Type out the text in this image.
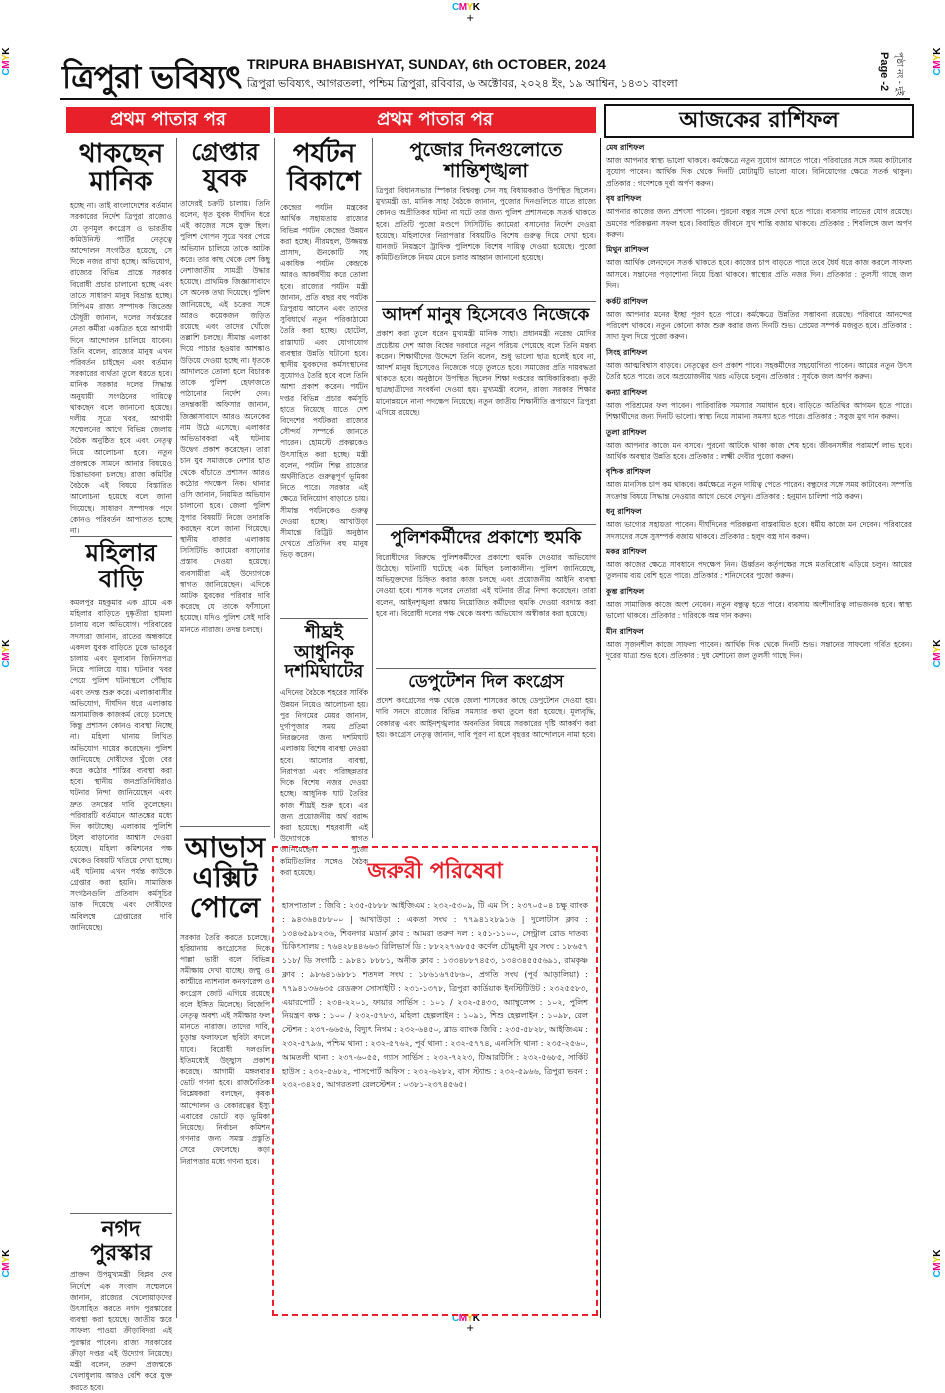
CMYK
+
CMYK
+
CMYK
CMYK
CMYK
CMYK
CMYK
CMYK
ত্রিপুরা ভবিষ্যৎ TRIPURA BHABISHYAT, SUNDAY, 6th OCTOBER, 2024
ত্রিপুরা ভবিষ্যৎ, আগরতলা, পশ্চিম ত্রিপুরা, রবিবার, ৬ অক্টোবর, ২০২৪ ইং, ১৯ আশ্বিন, ১৪৩১ বাংলা	Page -2 পৃষ্ঠা নং - দুই
প্রথম পাতার পর	প্রথম পাতার পর	আজকের রাশিফল
থাকছেন মানিক
হচ্ছে না। তাই বাংলাদেশের বর্তমান সরকারের নির্দেশ ত্রিপুরা রাজ্যেও যে তৃণমূল কংগ্রেস ও ভারতীয় কমিউনিস্ট পার্টির নেতৃত্বে আন্দোলন সংগঠিত হয়েছে, সে দিকে নজর রাখা হচ্ছে। অভিযোগ, রাজ্যের বিভিন্ন প্রান্তে সরকার বিরোধী প্রচার চালানো হচ্ছে এবং তাতে সাধারণ মানুষ বিভ্রান্ত হচ্ছে। সিপিএম রাজ্য সম্পাদক জিতেন্দ্র চৌধুরী জানান, দলের সর্বস্তরের নেতা কর্মীরা একত্রিত হয়ে আগামী দিনে আন্দোলন চালিয়ে যাবেন। তিনি বলেন, রাজ্যের মানুষ এখন পরিবর্তন চাইছেন এবং বর্তমান সরকারের ব্যর্থতা তুলে ধরতে হবে। মানিক সরকার দলের সিদ্ধান্ত অনুযায়ী সংগঠনের দায়িত্বে থাকছেন বলে জানানো হয়েছে। দলীয় সূত্রে খবর, আগামী সম্মেলনের আগে বিভিন্ন জেলায় বৈঠক অনুষ্ঠিত হবে এবং নেতৃত্ব নিয়ে আলোচনা হবে। নতুন প্রজন্মকে সামনে আনার বিষয়েও চিন্তাভাবনা চলছে। রাজ্য কমিটির বৈঠকে এই বিষয়ে বিস্তারিত আলোচনা হয়েছে বলে জানা গিয়েছে। সাধারণ সম্পাদক পদে কোনও পরিবর্তন আপাতত হচ্ছে না।
মহিলার বাড়ি
কমলপুর মহকুমার এক গ্রামে এক মহিলার বাড়িতে দুষ্কৃতীরা হামলা চালায় বলে অভিযোগ। পরিবারের সদস্যরা জানান, রাতের অন্ধকারে একদল যুবক বাড়িতে ঢুকে ভাঙচুর চালায় এবং মূল্যবান জিনিসপত্র নিয়ে পালিয়ে যায়। ঘটনার খবর পেয়ে পুলিশ ঘটনাস্থলে পৌঁছায় এবং তদন্ত শুরু করে। এলাকাবাসীর অভিযোগ, দীর্ঘদিন ধরে এলাকায় অসামাজিক কাজকর্ম বেড়ে চলেছে কিন্তু প্রশাসন কোনও ব্যবস্থা নিচ্ছে না। মহিলা থানায় লিখিত অভিযোগ দায়ের করেছেন। পুলিশ জানিয়েছে দোষীদের খুঁজে বের করে কঠোর শাস্তির ব্যবস্থা করা হবে। স্থানীয় জনপ্রতিনিধিরাও ঘটনার নিন্দা জানিয়েছেন এবং দ্রুত তদন্তের দাবি তুলেছেন। পরিবারটি বর্তমানে আতঙ্কের মধ্যে দিন কাটাচ্ছে। এলাকায় পুলিশি টহল বাড়ানোর আশ্বাস দেওয়া হয়েছে। মহিলা কমিশনের পক্ষ থেকেও বিষয়টি খতিয়ে দেখা হচ্ছে। এই ঘটনায় এখন পর্যন্ত কাউকে গ্রেপ্তার করা হয়নি। সামাজিক সংগঠনগুলি প্রতিবাদ কর্মসূচির ডাক দিয়েছে এবং দোষীদের অবিলম্বে গ্রেপ্তারের দাবি জানিয়েছে।
নগদ পুরস্কার
প্রাক্তন উপমুখ্যমন্ত্রী বিপ্লব দেব নির্দেশে এক সংবাদ সম্মেলনে জানান, রাজ্যের খেলোয়াড়দের উৎসাহিত করতে নগদ পুরস্কারের ব্যবস্থা করা হয়েছে। জাতীয় স্তরে সাফল্য পাওয়া ক্রীড়াবিদরা এই পুরস্কার পাবেন। রাজ্য সরকারের ক্রীড়া দপ্তর এই উদ্যোগ নিয়েছে। মন্ত্রী বলেন, তরুণ প্রজন্মকে খেলাধুলায় আরও বেশি করে যুক্ত করতে হবে।
গ্রেপ্তার যুবক
তাদেরই চক্রটি চালায়। তিনি বলেন, ধৃত যুবক দীর্ঘদিন ধরে এই কাজের সঙ্গে যুক্ত ছিল। পুলিশ গোপন সূত্রে খবর পেয়ে অভিযান চালিয়ে তাকে আটক করে। তার কাছ থেকে বেশ কিছু নেশাজাতীয় সামগ্রী উদ্ধার হয়েছে। প্রাথমিক জিজ্ঞাসাবাদে সে অনেক তথ্য দিয়েছে। পুলিশ জানিয়েছে, এই চক্রের সঙ্গে আরও কয়েকজন জড়িত রয়েছে এবং তাদের খোঁজে তল্লাশি চলছে। সীমান্ত এলাকা দিয়ে পাচার হওয়ার আশঙ্কাও উড়িয়ে দেওয়া হচ্ছে না। ধৃতকে আদালতে তোলা হলে বিচারক তাকে পুলিশ হেফাজতে পাঠানোর নির্দেশ দেন। তদন্তকারী অফিসার জানান, জিজ্ঞাসাবাদে আরও অনেকের নাম উঠে এসেছে। এলাকার অভিভাবকরা এই ঘটনায় উদ্বেগ প্রকাশ করেছেন। তারা চান যুব সমাজকে নেশার হাত থেকে বাঁচাতে প্রশাসন আরও কঠোর পদক্ষেপ নিক। থানার ওসি জানান, নিয়মিত অভিযান চালানো হবে। জেলা পুলিশ সুপার বিষয়টি নিজে তদারকি করছেন বলে জানা গিয়েছে। স্থানীয় বাজার এলাকায় সিসিটিভি ক্যামেরা বসানোর প্রস্তাব দেওয়া হয়েছে। ব্যবসায়ীরা এই উদ্যোগকে স্বাগত জানিয়েছেন। এদিকে আটক যুবকের পরিবার দাবি করেছে যে তাকে ফাঁসানো হয়েছে। যদিও পুলিশ সেই দাবি মানতে নারাজ। তদন্ত চলছে।
আভাস এক্সিট পোলে
সরকার তৈরি করতে চলেছে। হরিয়ানায় কংগ্রেসের দিকে পাল্লা ভারী বলে বিভিন্ন সমীক্ষায় দেখা যাচ্ছে। জম্মু ও কাশ্মীরে ন্যাশনাল কনফারেন্স ও কংগ্রেস জোট এগিয়ে রয়েছে বলে ইঙ্গিত মিলেছে। বিজেপি নেতৃত্ব অবশ্য এই সমীক্ষার ফল মানতে নারাজ। তাদের দাবি, চূড়ান্ত ফলাফলে ছবিটা বদলে যাবে। বিরোধী দলগুলি ইতিমধ্যেই উচ্ছ্বাস প্রকাশ করেছে। আগামী মঙ্গলবার ভোট গণনা হবে। রাজনৈতিক বিশ্লেষকরা বলছেন, কৃষক আন্দোলন ও বেকারত্বের ইস্যু এবারের ভোটে বড় ভূমিকা নিয়েছে। নির্বাচন কমিশন গণনার জন্য সমস্ত প্রস্তুতি সেরে ফেলেছে। কড়া নিরাপত্তার মধ্যে গণনা হবে।
পর্যটন বিকাশে
কেন্দ্রের পর্যটন মন্ত্রকের আর্থিক সহায়তায় রাজ্যের বিভিন্ন পর্যটন কেন্দ্রের উন্নয়ন করা হচ্ছে। নীরমহল, উজ্জয়ন্ত প্রাসাদ, ঊনকোটি সহ একাধিক পর্যটন কেন্দ্রকে আরও আকর্ষণীয় করে তোলা হবে। রাজ্যের পর্যটন মন্ত্রী জানান, প্রতি বছর বহু পর্যটক ত্রিপুরায় আসেন এবং তাদের সুবিধার্থে নতুন পরিকাঠামো তৈরি করা হচ্ছে। হোটেল, রাস্তাঘাট এবং যোগাযোগ ব্যবস্থার উন্নতি ঘটানো হবে। স্থানীয় যুবকদের কর্মসংস্থানের সুযোগও তৈরি হবে বলে তিনি আশা প্রকাশ করেন। পর্যটন দপ্তর বিভিন্ন প্রচার কর্মসূচি হাতে নিয়েছে যাতে দেশ বিদেশের পর্যটকরা রাজ্যের সৌন্দর্য সম্পর্কে জানতে পারেন। হোমস্টে প্রকল্পকেও উৎসাহিত করা হচ্ছে। মন্ত্রী বলেন, পর্যটন শিল্প রাজ্যের অর্থনীতিতে গুরুত্বপূর্ণ ভূমিকা নিতে পারে। সরকার এই ক্ষেত্রে বিনিয়োগ বাড়াতে চায়। সীমান্ত পর্যটনকেও গুরুত্ব দেওয়া হচ্ছে। আখাউড়া সীমান্তে রিট্রিট অনুষ্ঠান দেখতে প্রতিদিন বহু মানুষ ভিড় করেন।
শীঘ্রই আধুনিক দশমিঘাটের
এদিনের বৈঠকে শহরের সার্বিক উন্নয়ন নিয়েও আলোচনা হয়। পুর নিগমের মেয়র জানান, দুর্গাপূজার সময় প্রতিমা নিরঞ্জনের জন্য দশমিঘাট এলাকায় বিশেষ ব্যবস্থা নেওয়া হবে। আলোর ব্যবস্থা, নিরাপত্তা এবং পরিচ্ছন্নতার দিকে বিশেষ নজর দেওয়া হচ্ছে। আধুনিক ঘাট তৈরির কাজ শীঘ্রই শুরু হবে। এর জন্য প্রয়োজনীয় অর্থ বরাদ্দ করা হয়েছে। শহরবাসী এই উদ্যোগকে স্বাগত জানিয়েছেন। পুজো কমিটিগুলির সঙ্গেও বৈঠক করা হয়েছে।
পুজোর দিনগুলোতে শান্তিশৃঙ্খলা
ত্রিপুরা বিধানসভার স্পিকার বিশ্ববন্ধু সেন সহ বিধায়করাও উপস্থিত ছিলেন। মুখ্যমন্ত্রী ডা. মানিক সাহা বৈঠকে জানান, পুজোর দিনগুলিতে যাতে রাজ্যে কোনও অপ্রীতিকর ঘটনা না ঘটে তার জন্য পুলিশ প্রশাসনকে সতর্ক থাকতে হবে। প্রতিটি পুজো মণ্ডপে সিসিটিভি ক্যামেরা বসানোর নির্দেশ দেওয়া হয়েছে। মহিলাদের নিরাপত্তার বিষয়টিও বিশেষ গুরুত্ব দিয়ে দেখা হবে। যানজট নিয়ন্ত্রণে ট্রাফিক পুলিশকে বিশেষ দায়িত্ব দেওয়া হয়েছে। পুজো কমিটিগুলিকে নিয়ম মেনে চলার আহ্বান জানানো হয়েছে।
আদর্শ মানুষ হিসেবেও নিজেকে
প্রকাশ করা তুলে ধরেন মুখ্যমন্ত্রী মানিক সাহা। প্রধানমন্ত্রী নরেন্দ্র মোদির প্রচেষ্টায় দেশ আজ বিশ্বের দরবারে নতুন পরিচয় পেয়েছে বলে তিনি মন্তব্য করেন। শিক্ষার্থীদের উদ্দেশে তিনি বলেন, শুধু ভালো ছাত্র হলেই হবে না, আদর্শ মানুষ হিসেবেও নিজেকে গড়ে তুলতে হবে। সমাজের প্রতি দায়বদ্ধতা থাকতে হবে। অনুষ্ঠানে উপস্থিত ছিলেন শিক্ষা দপ্তরের আধিকারিকরা। কৃতী ছাত্রছাত্রীদের সংবর্ধনা দেওয়া হয়। মুখ্যমন্ত্রী বলেন, রাজ্য সরকার শিক্ষার মানোন্নয়নে নানা পদক্ষেপ নিয়েছে। নতুন জাতীয় শিক্ষানীতি রূপায়ণে ত্রিপুরা এগিয়ে রয়েছে।
পুলিশকর্মীদের প্রকাশ্যে হুমকি
বিরোধীদের বিরুদ্ধে পুলিশকর্মীদের প্রকাশ্যে হুমকি দেওয়ার অভিযোগ উঠেছে। ঘটনাটি ঘটেছে এক মিছিল চলাকালীন। পুলিশ জানিয়েছে, অভিযুক্তদের চিহ্নিত করার কাজ চলছে এবং প্রয়োজনীয় আইনি ব্যবস্থা নেওয়া হবে। শাসক দলের নেতারা এই ঘটনার তীব্র নিন্দা করেছেন। তারা বলেন, আইনশৃঙ্খলা রক্ষায় নিয়োজিত কর্মীদের হুমকি দেওয়া বরদাস্ত করা হবে না। বিরোধী দলের পক্ষ থেকে অবশ্য অভিযোগ অস্বীকার করা হয়েছে।
ডেপুটেশন দিল কংগ্রেস
প্রদেশ কংগ্রেসের পক্ষ থেকে জেলা শাসকের কাছে ডেপুটেশন দেওয়া হয়। দাবি সনদে রাজ্যের বিভিন্ন সমস্যার কথা তুলে ধরা হয়েছে। মূল্যবৃদ্ধি, বেকারত্ব এবং আইনশৃঙ্খলার অবনতির বিষয়ে সরকারের দৃষ্টি আকর্ষণ করা হয়। কংগ্রেস নেতৃত্ব জানান, দাবি পূরণ না হলে বৃহত্তর আন্দোলনে নামা হবে।
জরুরী পরিষেবা
হাসপাতাল : জিবি : ২৩৫-৫৮৮৮ আইজিএম : ২৩২-৫৩০৯, টি এম সি : ২৩৭০৫০৪ চক্ষু ব্যাংক : ৯৪৩৬৪৫৮৮০০ | আখাউড়া : একতা সংঘ : ৭৭৯৪১২৮৯১৬ | দুলোটাস ক্লাব : ১৩৪৬৫৯৮২৩৬, শিবনগর মডার্ন ক্লাব : আমরা তরুণ দল : ২৫১-১১০০, সেন্ট্রাল রোড দাতব্য চিকিৎসালয় : ৭৬৪২৮৪৪৬৬৩ রিলিভার্স ডি : ৮৮২২৭৬৮৫৫ কর্ণেল চৌমুহনী যুব সংঘ : ১৮৬৫৭ ১১৮/ ডি সংগঠি : ৯৮৪১ ৮৮৮১, অনীক ক্লাব : ১৩৩৪৮৮৭৪৫৩, ১৩৪৩৪৫৫৫৬৯১, রামকৃষ্ণ ক্লাব : ৯৮৬৪১৬৮৮১ শতদল সংঘ : ১৮৬১৬৭৫৮৬০, প্রগতি সংঘ (পূর্ব আড়ালিয়া) : ৭৭৯৪১৩৬৬৩৫ রেডক্রস সোসাইটি : ২৩১-১৩৭৮, ত্রিপুরা কার্ডিয়াক ইনস্টিটিউট : ২৩২৫৫৮৩, এয়ারপোর্ট : ২৩৪-২২০১, ফায়ার সার্ভিস : ১০১ / ২৩২-৫৪৩৩, অ্যাম্বুলেন্স : ১০২, পুলিশ নিয়ন্ত্রণ কক্ষ : ১০০ / ২৩২-৫৭৮৩, মহিলা হেল্পলাইন : ১০৯১, শিশু হেল্পলাইন : ১০৯৮, রেল স্টেশন : ২৩৭-৬৬৫৬, বিদ্যুৎ নিগম : ২৩২-৬৪৫০, ব্লাড ব্যাংক জিবি : ২৩৫-৫৮২৮, আইজিএম : ২৩২-৫৭৯৬, পশ্চিম থানা : ২৩২-৫৭৬২, পূর্ব থানা : ২৩২-৫৭৭৪, এনসিসি থানা : ২৩৫-২৫৬০, আমতলী থানা : ২৩৭-৬০৫৫, গ্যাস সার্ভিস : ২৩২-৭২২৩, টিআরটিসি : ২৩২-৫৬৮৫, সার্কিট হাউস : ২৩২-৫৬৮২, পাসপোর্ট অফিস : ২৩২-৬২৮২, বাস স্ট্যান্ড : ২৩২-৫৯৬৬, ত্রিপুরা ভবন : ২৩২-৩৪২৫, আগরতলা রেলস্টেশন : ০৩৮১-২৩৭৪৫৬৫।
মেষ রাশিফল
আজ আপনার স্বাস্থ্য ভালো থাকবে। কর্মক্ষেত্রে নতুন সুযোগ আসতে পারে। পরিবারের সঙ্গে সময় কাটানোর সুযোগ পাবেন। আর্থিক দিক থেকে দিনটি মোটামুটি ভালো যাবে। বিনিয়োগের ক্ষেত্রে সতর্ক থাকুন। প্রতিকার : গণেশকে দূর্বা অর্পণ করুন।
বৃষ রাশিফল
আপনার কাজের জন্য প্রশংসা পাবেন। পুরনো বন্ধুর সঙ্গে দেখা হতে পারে। ব্যবসায় লাভের যোগ রয়েছে। ভ্রমণের পরিকল্পনা সফল হবে। বিবাহিত জীবনে সুখ শান্তি বজায় থাকবে। প্রতিকার : শিবলিঙ্গে জল অর্পণ করুন।
মিথুন রাশিফল
আজ আর্থিক লেনদেনে সতর্ক থাকতে হবে। কাজের চাপ বাড়তে পারে তবে ধৈর্য ধরে কাজ করলে সাফল্য আসবে। সন্তানের পড়াশোনা নিয়ে চিন্তা থাকবে। স্বাস্থ্যের প্রতি নজর দিন। প্রতিকার : তুলসী গাছে জল দিন।
কর্কট রাশিফল
আজ আপনার মনের ইচ্ছা পূরণ হতে পারে। কর্মক্ষেত্রে উন্নতির সম্ভাবনা রয়েছে। পরিবারে আনন্দের পরিবেশ থাকবে। নতুন কোনো কাজ শুরু করার জন্য দিনটি শুভ। প্রেমের সম্পর্ক মজবুত হবে। প্রতিকার : সাদা ফুল দিয়ে পুজো করুন।
সিংহ রাশিফল
আজ আত্মবিশ্বাস বাড়বে। নেতৃত্বের গুণ প্রকাশ পাবে। সহকর্মীদের সহযোগিতা পাবেন। আয়ের নতুন উৎস তৈরি হতে পারে। তবে অপ্রয়োজনীয় খরচ এড়িয়ে চলুন। প্রতিকার : সূর্যকে জল অর্পণ করুন।
কন্যা রাশিফল
আজ পরিশ্রমের ফল পাবেন। পারিবারিক সমস্যার সমাধান হবে। বাড়িতে অতিথির আগমন হতে পারে। শিক্ষার্থীদের জন্য দিনটি ভালো। স্বাস্থ্য নিয়ে সামান্য সমস্যা হতে পারে। প্রতিকার : সবুজ মুগ দান করুন।
তুলা রাশিফল
আজ আপনার কাজে মন বসবে। পুরনো আটকে থাকা কাজ শেষ হবে। জীবনসঙ্গীর পরামর্শে লাভ হবে। আর্থিক অবস্থার উন্নতি হবে। প্রতিকার : লক্ষ্মী দেবীর পুজো করুন।
বৃশ্চিক রাশিফল
আজ মানসিক চাপ কম থাকবে। কর্মক্ষেত্রে নতুন দায়িত্ব পেতে পারেন। বন্ধুদের সঙ্গে সময় কাটাবেন। সম্পত্তি সংক্রান্ত বিষয়ে সিদ্ধান্ত নেওয়ার আগে ভেবে দেখুন। প্রতিকার : হনুমান চালিশা পাঠ করুন।
ধনু রাশিফল
আজ ভাগ্যের সহায়তা পাবেন। দীর্ঘদিনের পরিকল্পনা বাস্তবায়িত হবে। ধর্মীয় কাজে মন দেবেন। পরিবারের সদস্যদের সঙ্গে সুসম্পর্ক বজায় থাকবে। প্রতিকার : হলুদ বস্ত্র দান করুন।
মকর রাশিফল
আজ কাজের ক্ষেত্রে সাবধানে পদক্ষেপ নিন। ঊর্ধ্বতন কর্তৃপক্ষের সঙ্গে মতবিরোধ এড়িয়ে চলুন। আয়ের তুলনায় ব্যয় বেশি হতে পারে। প্রতিকার : শনিদেবের পুজো করুন।
কুম্ভ রাশিফল
আজ সামাজিক কাজে অংশ নেবেন। নতুন বন্ধুত্ব হতে পারে। ব্যবসায় অংশীদারিত্ব লাভজনক হবে। স্বাস্থ্য ভালো থাকবে। প্রতিকার : গরিবকে অন্ন দান করুন।
মীন রাশিফল
আজ সৃজনশীল কাজে সাফল্য পাবেন। আর্থিক দিক থেকে দিনটি শুভ। সন্তানের সাফল্যে গর্বিত হবেন। দূরের যাত্রা শুভ হবে। প্রতিকার : দুধ মেশানো জল তুলসী গাছে দিন।
